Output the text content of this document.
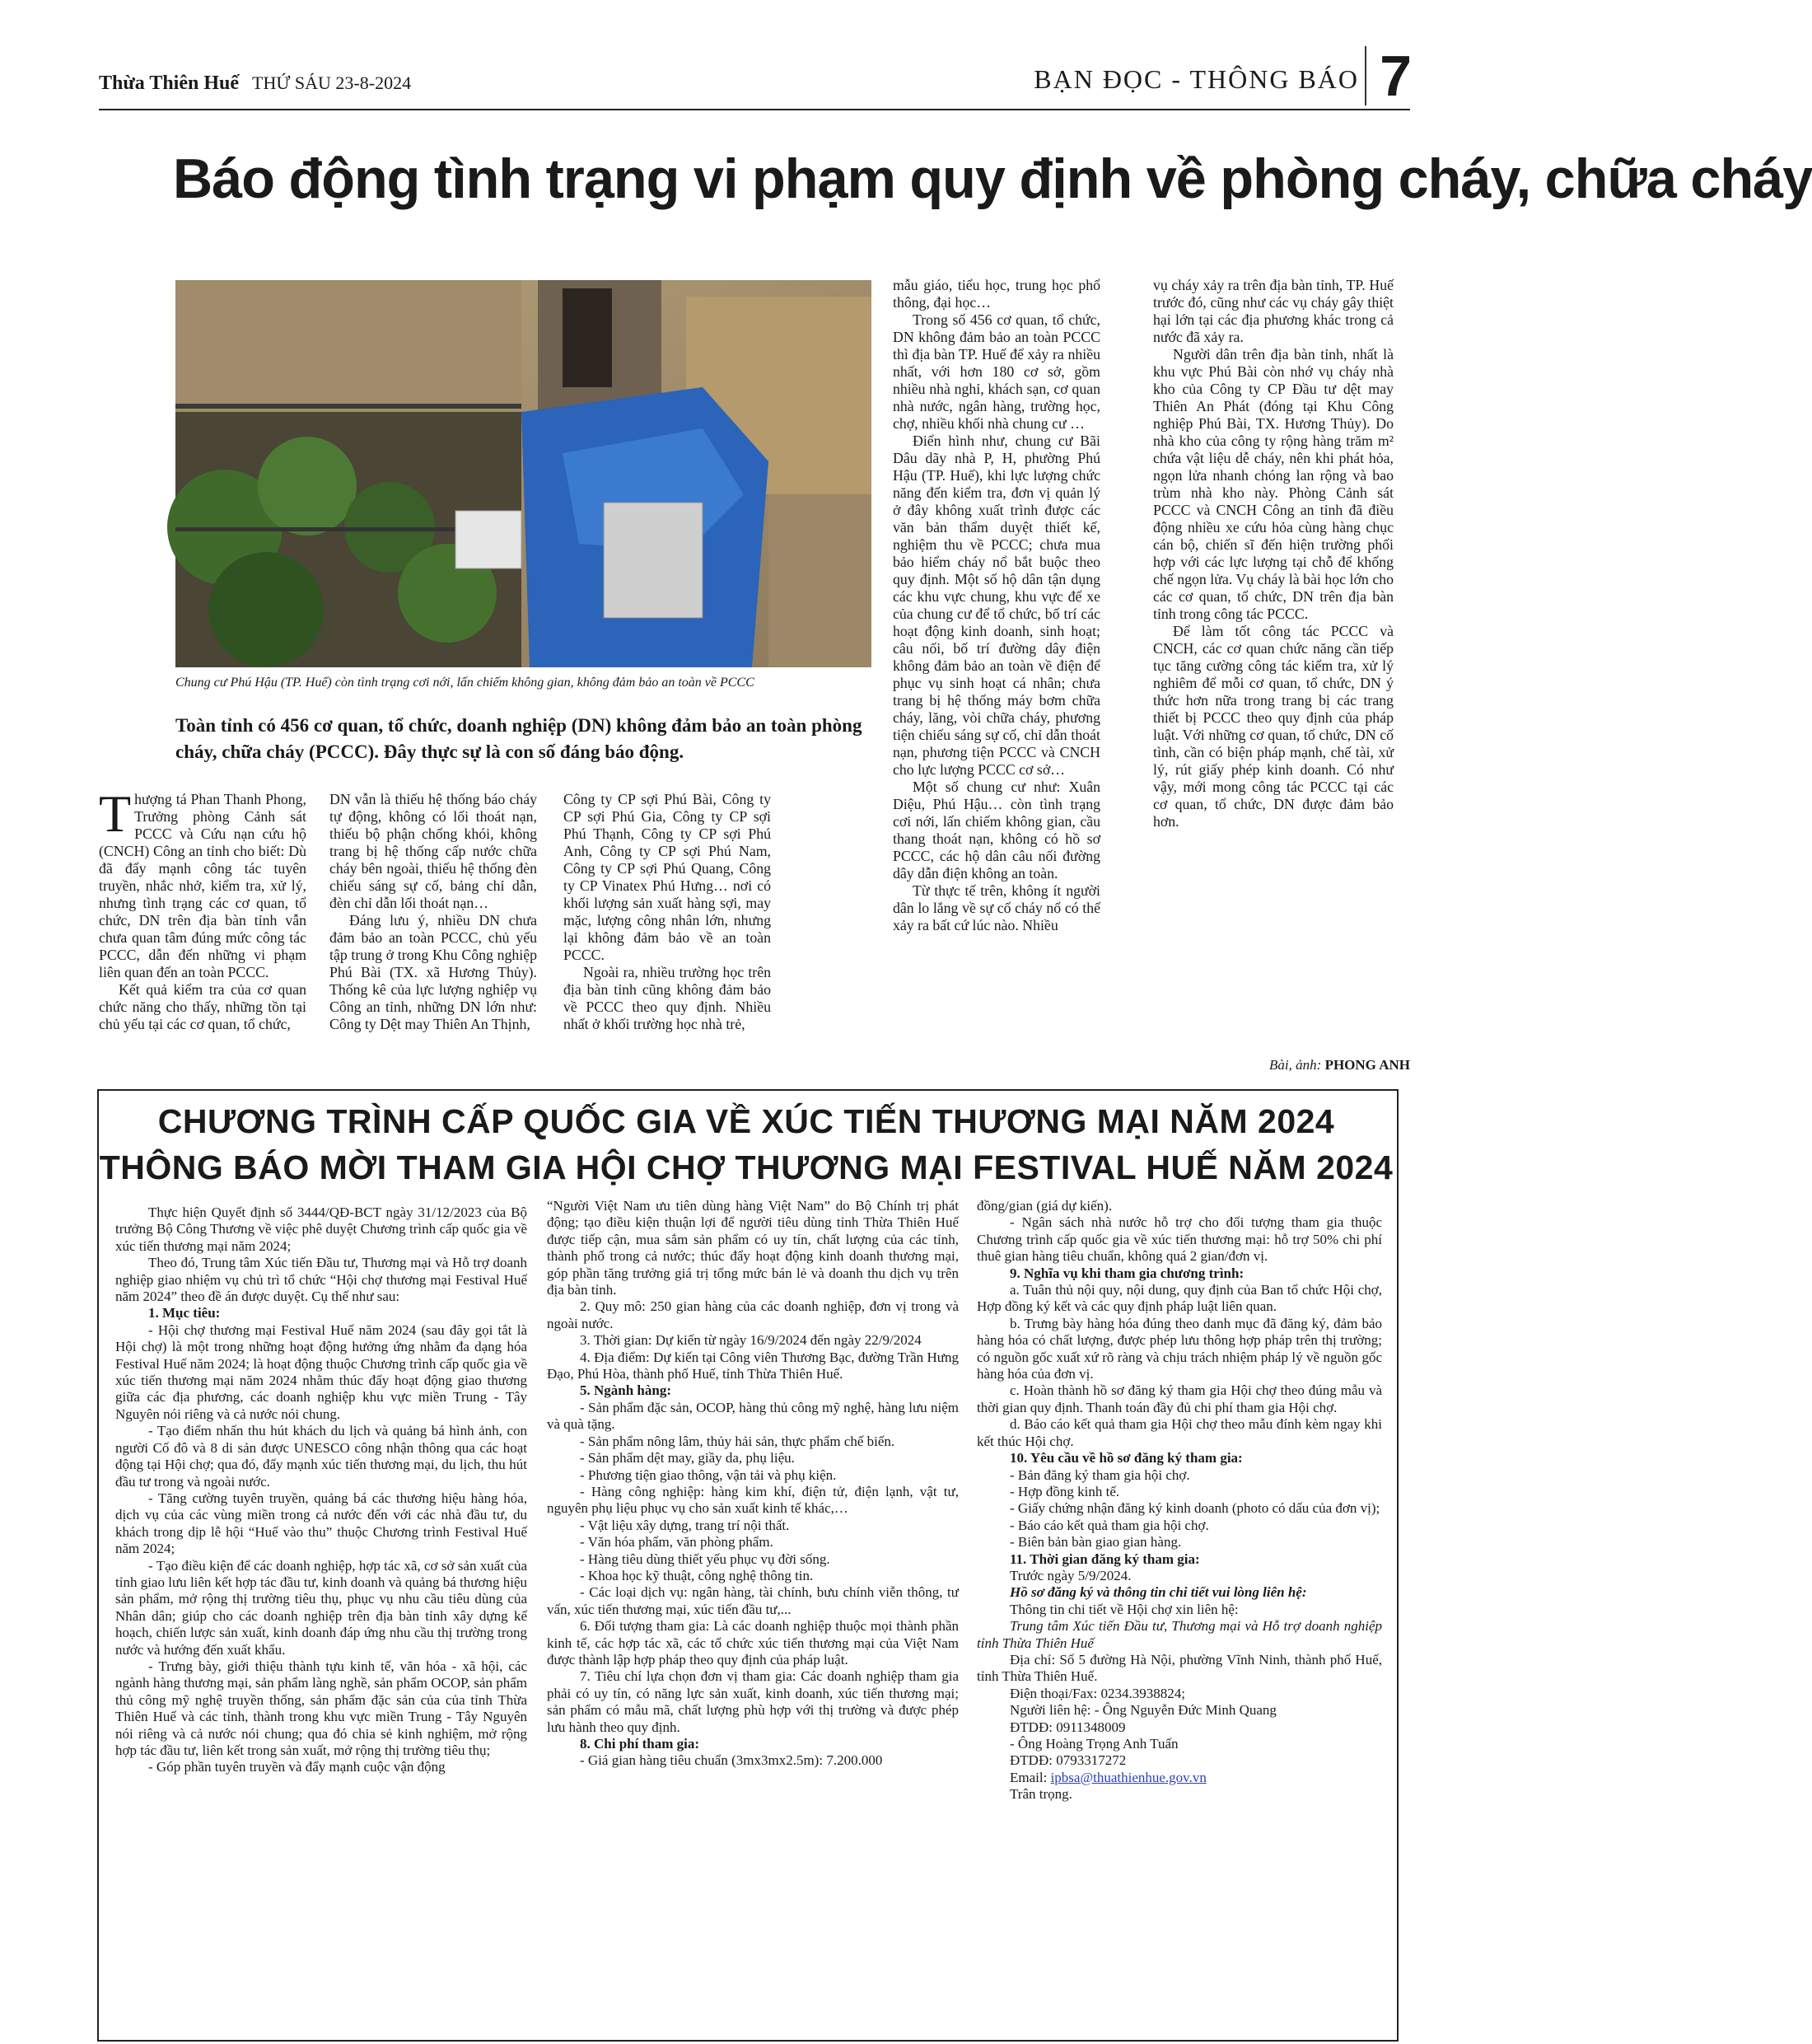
Thừa Thiên Huế THỨ SÁU 23-8-2024	BẠN ĐỌC - THÔNG BÁO 7
Báo động tình trạng vi phạm quy định về phòng cháy, chữa cháy
Chung cư Phú Hậu (TP. Huế) còn tình trạng cơi nới, lấn chiếm không gian, không đảm bảo an toàn về PCCC
Toàn tỉnh có 456 cơ quan, tổ chức, doanh nghiệp (DN) không đảm bảo an toàn phòng cháy, chữa cháy (PCCC). Đây thực sự là con số đáng báo động.

Thượng tá Phan Thanh Phong, Trưởng phòng Cảnh sát PCCC và Cứu nạn cứu hộ (CNCH) Công an tỉnh cho biết: Dù đã đẩy mạnh công tác tuyên truyền, nhắc nhở, kiểm tra, xử lý, nhưng tình trạng các cơ quan, tổ chức, DN trên địa bàn tỉnh vẫn chưa quan tâm đúng mức công tác PCCC, dẫn đến những vi phạm liên quan đến an toàn PCCC.

Kết quả kiểm tra của cơ quan chức năng cho thấy, những tồn tại chủ yếu tại các cơ quan, tổ chức,

DN vẫn là thiếu hệ thống báo cháy tự động, không có lối thoát nạn, thiếu bộ phận chống khói, không trang bị hệ thống cấp nước chữa cháy bên ngoài, thiếu hệ thống đèn chiếu sáng sự cố, bảng chỉ dẫn, đèn chỉ dẫn lối thoát nạn…

Đáng lưu ý, nhiều DN chưa đảm bảo an toàn PCCC, chủ yếu tập trung ở trong Khu Công nghiệp Phú Bài (TX. xã Hương Thủy). Thống kê của lực lượng nghiệp vụ Công an tỉnh, những DN lớn như: Công ty Dệt may Thiên An Thịnh,

Công ty CP sợi Phú Bài, Công ty CP sợi Phú Gia, Công ty CP sợi Phú Thạnh, Công ty CP sợi Phú Anh, Công ty CP sợi Phú Nam, Công ty CP sợi Phú Quang, Công ty CP Vinatex Phú Hưng… nơi có khối lượng sản xuất hàng sợi, may mặc, lượng công nhân lớn, nhưng lại không đảm bảo về an toàn PCCC.

Ngoài ra, nhiều trường học trên địa bàn tỉnh cũng không đảm bảo về PCCC theo quy định. Nhiều nhất ở khối trường học nhà trẻ,

mẫu giáo, tiểu học, trung học phổ thông, đại học…

Trong số 456 cơ quan, tổ chức, DN không đảm bảo an toàn PCCC thì địa bàn TP. Huế để xảy ra nhiều nhất, với hơn 180 cơ sở, gồm nhiều nhà nghỉ, khách sạn, cơ quan nhà nước, ngân hàng, trường học, chợ, nhiều khối nhà chung cư …

Điển hình như, chung cư Bãi Dâu dãy nhà P, H, phường Phú Hậu (TP. Huế), khi lực lượng chức năng đến kiểm tra, đơn vị quản lý ở đây không xuất trình được các văn bản thẩm duyệt thiết kế, nghiệm thu về PCCC; chưa mua bảo hiểm cháy nổ bắt buộc theo quy định. Một số hộ dân tận dụng các khu vực chung, khu vực để xe của chung cư để tổ chức, bố trí các hoạt động kinh doanh, sinh hoạt; câu nối, bố trí đường dây điện không đảm bảo an toàn về điện để phục vụ sinh hoạt cá nhân; chưa trang bị hệ thống máy bơm chữa cháy, lăng, vòi chữa cháy, phương tiện chiếu sáng sự cố, chỉ dẫn thoát nạn, phương tiện PCCC và CNCH cho lực lượng PCCC cơ sở…

Một số chung cư như: Xuân Diệu, Phú Hậu… còn tình trạng cơi nới, lấn chiếm không gian, cầu thang thoát nạn, không có hồ sơ PCCC, các hộ dân câu nối đường dây dẫn điện không an toàn.

Từ thực tế trên, không ít người dân lo lắng về sự cố cháy nổ có thể xảy ra bất cứ lúc nào. Nhiều

vụ cháy xảy ra trên địa bàn tỉnh, TP. Huế trước đó, cũng như các vụ cháy gây thiệt hại lớn tại các địa phương khác trong cả nước đã xảy ra.

Người dân trên địa bàn tỉnh, nhất là khu vực Phú Bài còn nhớ vụ cháy nhà kho của Công ty CP Đầu tư dệt may Thiên An Phát (đóng tại Khu Công nghiệp Phú Bài, TX. Hương Thủy). Do nhà kho của công ty rộng hàng trăm m² chứa vật liệu dễ cháy, nên khi phát hỏa, ngọn lửa nhanh chóng lan rộng và bao trùm nhà kho này. Phòng Cảnh sát PCCC và CNCH Công an tỉnh đã điều động nhiều xe cứu hỏa cùng hàng chục cán bộ, chiến sĩ đến hiện trường phối hợp với các lực lượng tại chỗ để khống chế ngọn lửa. Vụ cháy là bài học lớn cho các cơ quan, tổ chức, DN trên địa bàn tỉnh trong công tác PCCC.

Để làm tốt công tác PCCC và CNCH, các cơ quan chức năng cần tiếp tục tăng cường công tác kiểm tra, xử lý nghiêm để mỗi cơ quan, tổ chức, DN ý thức hơn nữa trong trang bị các trang thiết bị PCCC theo quy định của pháp luật. Với những cơ quan, tổ chức, DN cố tình, cần có biện pháp mạnh, chế tài, xử lý, rút giấy phép kinh doanh. Có như vậy, mới mong công tác PCCC tại các cơ quan, tổ chức, DN được đảm bảo hơn.

Bài, ảnh: PHONG ANH
CHƯƠNG TRÌNH CẤP QUỐC GIA VỀ XÚC TIẾN THƯƠNG MẠI NĂM 2024
THÔNG BÁO MỜI THAM GIA HỘI CHỢ THƯƠNG MẠI FESTIVAL HUẾ NĂM 2024

Thực hiện Quyết định số 3444/QĐ-BCT ngày 31/12/2023 của Bộ trưởng Bộ Công Thương về việc phê duyệt Chương trình cấp quốc gia về xúc tiến thương mại năm 2024;

Theo đó, Trung tâm Xúc tiến Đầu tư, Thương mại và Hỗ trợ doanh nghiệp giao nhiệm vụ chủ trì tổ chức “Hội chợ thương mại Festival Huế năm 2024” theo đề án được duyệt. Cụ thể như sau:

1. Mục tiêu:

- Hội chợ thương mại Festival Huế năm 2024 (sau đây gọi tắt là Hội chợ) là một trong những hoạt động hưởng ứng nhằm đa dạng hóa Festival Huế năm 2024; là hoạt động thuộc Chương trình cấp quốc gia về xúc tiến thương mại năm 2024 nhằm thúc đẩy hoạt động giao thương giữa các địa phương, các doanh nghiệp khu vực miền Trung - Tây Nguyên nói riêng và cả nước nói chung.

- Tạo điểm nhấn thu hút khách du lịch và quảng bá hình ảnh, con người Cố đô và 8 di sản được UNESCO công nhận thông qua các hoạt động tại Hội chợ; qua đó, đẩy mạnh xúc tiến thương mại, du lịch, thu hút đầu tư trong và ngoài nước.

- Tăng cường tuyên truyền, quảng bá các thương hiệu hàng hóa, dịch vụ của các vùng miền trong cả nước đến với các nhà đầu tư, du khách trong dịp lễ hội “Huế vào thu” thuộc Chương trình Festival Huế năm 2024;

- Tạo điều kiện để các doanh nghiệp, hợp tác xã, cơ sở sản xuất của tỉnh giao lưu liên kết hợp tác đầu tư, kinh doanh và quảng bá thương hiệu sản phẩm, mở rộng thị trường tiêu thụ, phục vụ nhu cầu tiêu dùng của Nhân dân; giúp cho các doanh nghiệp trên địa bàn tỉnh xây dựng kế hoạch, chiến lược sản xuất, kinh doanh đáp ứng nhu cầu thị trường trong nước và hướng đến xuất khẩu.

- Trưng bày, giới thiệu thành tựu kinh tế, văn hóa - xã hội, các ngành hàng thương mại, sản phẩm làng nghề, sản phẩm OCOP, sản phẩm thủ công mỹ nghệ truyền thống, sản phẩm đặc sản của của tỉnh Thừa Thiên Huế và các tỉnh, thành trong khu vực miền Trung - Tây Nguyên nói riêng và cả nước nói chung; qua đó chia sẻ kinh nghiệm, mở rộng hợp tác đầu tư, liên kết trong sản xuất, mở rộng thị trường tiêu thụ;

- Góp phần tuyên truyền và đẩy mạnh cuộc vận động

“Người Việt Nam ưu tiên dùng hàng Việt Nam” do Bộ Chính trị phát động; tạo điều kiện thuận lợi để người tiêu dùng tỉnh Thừa Thiên Huế được tiếp cận, mua sắm sản phẩm có uy tín, chất lượng của các tỉnh, thành phố trong cả nước; thúc đẩy hoạt động kinh doanh thương mại, góp phần tăng trưởng giá trị tổng mức bán lẻ và doanh thu dịch vụ trên địa bàn tỉnh.

2. Quy mô: 250 gian hàng của các doanh nghiệp, đơn vị trong và ngoài nước.

3. Thời gian: Dự kiến từ ngày 16/9/2024 đến ngày 22/9/2024

4. Địa điểm: Dự kiến tại Công viên Thương Bạc, đường Trần Hưng Đạo, Phú Hòa, thành phố Huế, tỉnh Thừa Thiên Huế.

5. Ngành hàng:

- Sản phẩm đặc sản, OCOP, hàng thủ công mỹ nghệ, hàng lưu niệm và quà tặng.

- Sản phẩm nông lâm, thủy hải sản, thực phẩm chế biến.

- Sản phẩm dệt may, giầy da, phụ liệu.

- Phương tiện giao thông, vận tải và phụ kiện.

- Hàng công nghiệp: hàng kim khí, điện tử, điện lạnh, vật tư, nguyên phụ liệu phục vụ cho sản xuất kinh tế khác,…

- Vật liệu xây dựng, trang trí nội thất.

- Văn hóa phẩm, văn phòng phẩm.

- Hàng tiêu dùng thiết yếu phục vụ đời sống.

- Khoa học kỹ thuật, công nghệ thông tin.

- Các loại dịch vụ: ngân hàng, tài chính, bưu chính viễn thông, tư vấn, xúc tiến thương mại, xúc tiến đầu tư,...

6. Đối tượng tham gia: Là các doanh nghiệp thuộc mọi thành phần kinh tế, các hợp tác xã, các tổ chức xúc tiến thương mại của Việt Nam được thành lập hợp pháp theo quy định của pháp luật.

7. Tiêu chí lựa chọn đơn vị tham gia: Các doanh nghiệp tham gia phải có uy tín, có năng lực sản xuất, kinh doanh, xúc tiến thương mại; sản phẩm có mẫu mã, chất lượng phù hợp với thị trường và được phép lưu hành theo quy định.

8. Chi phí tham gia:

- Giá gian hàng tiêu chuẩn (3mx3mx2.5m): 7.200.000

đồng/gian (giá dự kiến).

- Ngân sách nhà nước hỗ trợ cho đối tượng tham gia thuộc Chương trình cấp quốc gia về xúc tiến thương mại: hỗ trợ 50% chi phí thuê gian hàng tiêu chuẩn, không quá 2 gian/đơn vị.

9. Nghĩa vụ khi tham gia chương trình:

a. Tuân thủ nội quy, nội dung, quy định của Ban tổ chức Hội chợ, Hợp đồng ký kết và các quy định pháp luật liên quan.

b. Trưng bày hàng hóa đúng theo danh mục đã đăng ký, đảm bảo hàng hóa có chất lượng, được phép lưu thông hợp pháp trên thị trường; có nguồn gốc xuất xứ rõ ràng và chịu trách nhiệm pháp lý về nguồn gốc hàng hóa của đơn vị.

c. Hoàn thành hồ sơ đăng ký tham gia Hội chợ theo đúng mẫu và thời gian quy định. Thanh toán đầy đủ chi phí tham gia Hội chợ.

d. Báo cáo kết quả tham gia Hội chợ theo mẫu đính kèm ngay khi kết thúc Hội chợ.

10. Yêu cầu về hồ sơ đăng ký tham gia:

- Bản đăng ký tham gia hội chợ.

- Hợp đồng kinh tế.

- Giấy chứng nhận đăng ký kinh doanh (photo có dấu của đơn vị);

- Báo cáo kết quả tham gia hội chợ.

- Biên bản bàn giao gian hàng.

11. Thời gian đăng ký tham gia:

Trước ngày 5/9/2024.

Hồ sơ đăng ký và thông tin chi tiết vui lòng liên hệ:

Thông tin chi tiết về Hội chợ xin liên hệ:

Trung tâm Xúc tiến Đầu tư, Thương mại và Hỗ trợ doanh nghiệp tỉnh Thừa Thiên Huế

Địa chỉ: Số 5 đường Hà Nội, phường Vĩnh Ninh, thành phố Huế, tỉnh Thừa Thiên Huế.

Điện thoại/Fax: 0234.3938824;

Người liên hệ: - Ông Nguyễn Đức Minh Quang

ĐTDĐ: 0911348009

- Ông Hoàng Trọng Anh Tuấn

ĐTDĐ: 0793317272

Email: ipbsa@thuathienhue.gov.vn

Trân trọng.
